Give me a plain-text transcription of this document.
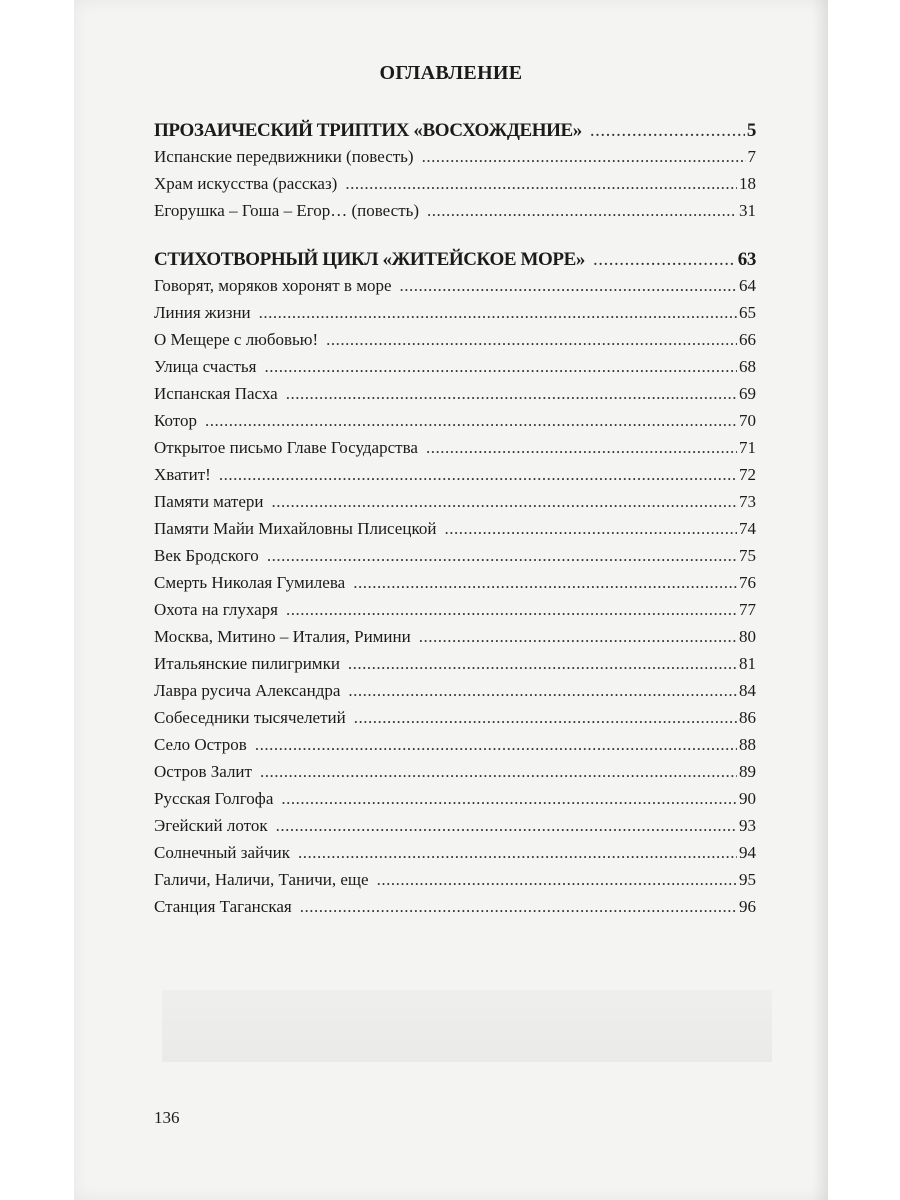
ОГЛАВЛЕНИЕ
ПРОЗАИЧЕСКИЙ ТРИПТИХ «ВОСХОЖДЕНИЕ» .....	5
Испанские передвижники (повесть) .....	7
Храм искусства (рассказ) .....	18
Егорушка – Гоша – Егор… (повесть) .....	31
СТИХОТВОРНЫЙ ЦИКЛ «ЖИТЕЙСКОЕ МОРЕ» .....	63
Говорят, моряков хоронят в море .....	64
Линия жизни .....	65
О Мещере с любовью! .....	66
Улица счастья .....	68
Испанская Пасха .....	69
Котор .....	70
Открытое письмо Главе Государства .....	71
Хватит! .....	72
Памяти матери .....	73
Памяти Майи Михайловны Плисецкой .....	74
Век Бродского .....	75
Смерть Николая Гумилева .....	76
Охота на глухаря .....	77
Москва, Митино – Италия, Римини .....	80
Итальянские пилигримки .....	81
Лавра русича Александра .....	84
Собеседники тысячелетий .....	86
Село Остров .....	88
Остров Залит .....	89
Русская Голгофа .....	90
Эгейский лоток .....	93
Солнечный зайчик .....	94
Галичи, Наличи, Таничи, еще .....	95
Станция Таганская .....	96
136
